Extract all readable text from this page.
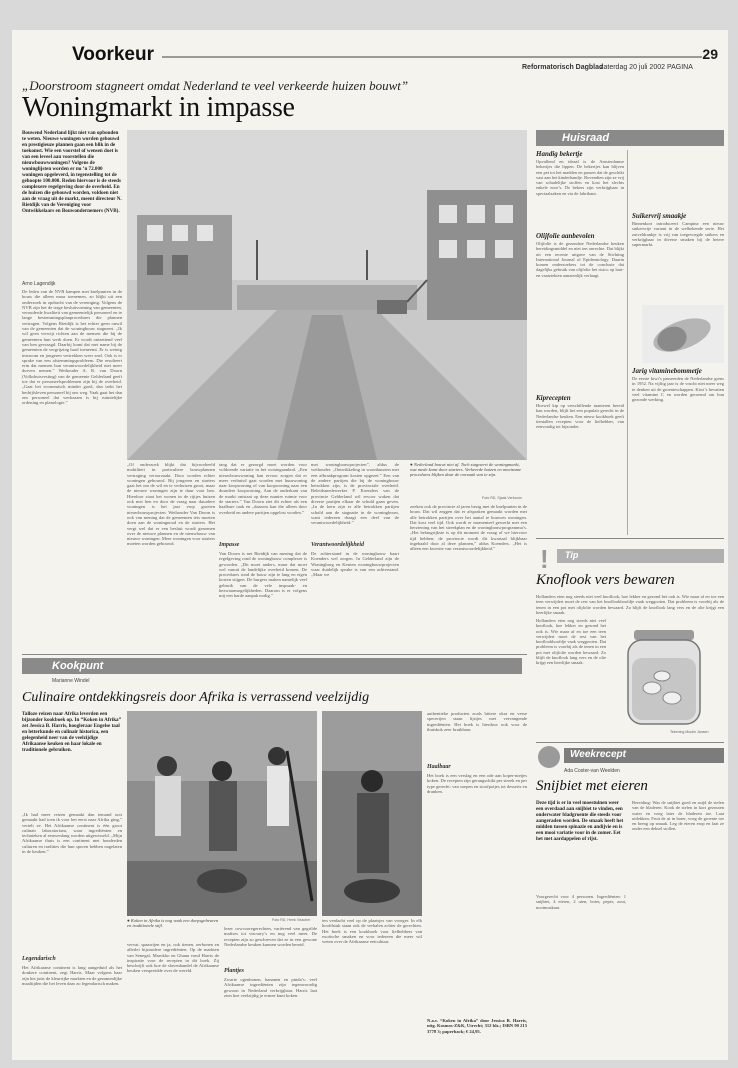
Voorkeur
Reformatorisch Dagblad
zaterdag 20 juli 2002 PAGINA
29
„Doorstroom stagneert omdat Nederland te veel verkeerde huizen bouwt”
Woningmarkt in impasse
Bouwend Nederland lijkt niet van opbouden te weten. Nieuwe woningen worden gebouwd en prestigieuze plannen gaan een blik in de toekomst. Wie een voorstel of wensen doet is van een leveel aan voorstellen die nieuwbouwwoningen? Volgens de woninglijsten worden er nu ’n 72.000 woningen opgeleverd, in tegenstelling tot de gehoopte 100.000. Reden hiervoor is de steeds complexere regelgeving door de overheid. En de huizen die gebouwd worden, voldoen niet aan de vraag uit de markt, meent directeur N. Rietdijk van de Vereniging voor Ontwikkelaars en Bouwondernemers (NVB).
Arno Lagendijk
De leden van de NVB kampen met knelpunten in de bouw die alleen maar toenemen, zo blijkt uit een onderzoek in opdracht van de vereniging. Volgens de NVB zijn het de trage besluitvorming van gemeenten, verouderde kwaliteit van gemeentelijk personeel en te lange bestemmingsplanprocedures die plannen vertragen. Volgens Rietdijk is het echter geen onwil van de gemeenten dat de woningbouw stagneert. „Ik wil geen verwijt richten aan de mensen die bij de gemeenten hun werk doen. Er wordt ontzettend veel van hen gevraagd. Daarbij komt dat met name bij de gemeenten de vergrijzing hard toeneemt. Er is weinig instroom en jongeren vertrekken weer snel. Ook is er sprake van een afstemmingsprobleem. Die resulteert erin dat mensen hun verantwoordelijkheid niet meer durven nemen.” Wethouder A. R. van Doorn (Volkshuisvesting) van de gemeente Gelderland geeft toe dat er personeelsproblemen zijn bij de overheid. „Gaat het economisch minder goed, dan trekt het bedrijfsleven personeel bij ons weg. Vaak gaat het dan om personeel dat werkzaam is bij ruimtelijke ordening en planologie.”
● Nederland bouwt niet af. Toch stagneert de woningmarkt, wat mede komt door starters. Verkeerde huizen en moeizame procedures blijken daar de oorzaak van te zijn.
Foto RD, Sjaak Verboom
„Of onderzoek blijkt dat bijvoorbeeld mobiliteit in particuliere bouwplannen vertraging veroorzaakt. Door worden echter woningen gebouwd. Bij jongeren en starters gaat het om de wil en te verhuizen groot, maar de nieuwe woningen zijn te duur voor hen. Hierdoor staat het wonen in de rijtjes huizen ook met hen en door de vraag naar duurdere woningen is het jaar erop groeien nieuwbouwprojecten. Wethouder Van Doorn is ook van mening dat de gemeenten iets moeten doen aan de woningnood en de starters. Het vergt wel dat er een besluit wordt genomen over de nieuwe plannen en de nieuwbouw van nieuwe woningen. Meer woningen voor starters moeten worden gebouwd.
tang dat er gezorgd moet worden voor voldoende variatie in het woningaanbod. „Een nieuwbouwwoning kan ervoor zorgen dat er meer verhuisd gaat worden met huurwoning naar koopwoning of van koopwoning naar een duurdere koopwoning. Aan de onderkant van de markt ontstaat op deze manier ruimte voor de starters.” Van Doorn ziet dit echter als een haalbare taak en „daarom kan die alleen door overheid en andere partijen opgelost worden.”
Impasse
Van Doorn is net Rietdijk van mening dat de regelgeving rond de woningbouw complexer is geworden. „Dit moet anders, maar dat moet wel vanuit de landelijke overheid komen. De procedures rond de bouw zijn te lang en eigen kosten stijgen. De burgers maken namelijk veel gebruik van de vele inspraak- en bezwaarmogelijkheden. Daarom is er volgens mij een harde aanpak nodig.”
met woningbouwprojecten”, aldus de wethouder. „Ontwikkeling in woonbuurten met een afbraakprogram kosten opgezet.” Een van de andere partijen die bij de woningbouw betrokken zijn, is de provinciale overheid. Beleidsmedewerker P. Koenders van de provincie Gelderland wil ervoor waken dat diverse partijen elkaar de schuld gaan geven. „In de kern zijn er alle betrokken partijen schuld aan de stagnatie in de woningbouw, want iedereen draagt een deel van de verantwoordelijkheid.”
Verantwoordelijkheid
De achterstand in de woningbouw baart Koenders wel zorgen. In Gelderland zijn de Woningborg en Kernen woningbouwprojecten waar duidelijk sprake is van een achterstand. „Maar we
zoeken ook de provincie al jaren bezig met de knelpunten in de bouw. Dat wil zeggen dat er afspraken gemaakt worden met alle betrokken partijen over het aantal te bouwen woningen. Dat kost veel tijd. Ook wordt er momenteel gewerkt met een herziening van het streekplan en de woningbouwprogramma’s. „Het belangrijkste is op dit moment de vraag of we hiervoor tijd hebben; de provincie wordt dit kwartaal blijkbaar ingehaald door al deze plannen,” aldus Koenders. „Het is alleen een kwestie van verantwoordelijkheid.”
Huisraad
Handig bekertje
Opvallend en ideaal is de Amsterdamse bekertjes die lippen. De bekertjes kan blijven een pet tot het madden en passen dat de geschikt vast aan het kinderhandje. Bovendien zijn ze vrij van schadelijke stoffen en kost het slechts enkele euro’s. De bekers zijn verkrijgbaar in speciaalzaken en via de fabrikant.
Olijfolie aanbevolen
Olijfolie is de gezondste Nederlandse keuken bereidingsmiddel en niet ten onrechte. Dat blijkt uit een recente uitgave van de Stichting International Journal of Epidemiology. Daarin komen onderzoekers tot de conclusie dat dagelijks gebruik van olijfolie het risico op hart- en vaatziekten aanzienlijk verlaagt.
Kiprecepten
Hoewel kip op verschillende manieren bereid kan worden, blijft het een populair gerecht in de Nederlandse keuken. Een nieuw kookboek geeft tientallen recepten voor de liefhebber, van eenvoudig tot bijzonder.
Suikervrij smaakje
Binnenkort introduceert Campina een nieuw suikervrije variant in de welbekende serie. Het zuiveldrankje is vrij van toegevoegde suikers en verkrijgbaar in diverse smaken bij de betere supermarkt.
Jarig vitaminebommetje
De eerste kiwi’s passeerden de Nederlandse grens in 1952. Na vijftig jaar is de vrucht niet meer weg te denken uit de groenteschappen. Kiwi’s bevatten veel vitamine C en worden geroemd om hun gezonde werking.
!	Tip
Knoflook vers bewaren
Hollanders eten nog steeds niet veel knoflook, hoe lekker en gezond het ook is. Wie maar af en toe een teen verwijdert moet de rest van het knoflookhoofdje vaak weggooien. Dat probleem is voorbij als de tenen in een pot met olijfolie worden bewaard. Zo blijft de knoflook lang vers en de olie krijgt een heerlijke smaak.
Hollanders eten nog steeds niet veel knoflook, hoe lekker en gezond het ook is. Wie maar af en toe een teen verwijdert moet de rest van het knoflookhoofdje vaak weggooien. Dat probleem is voorbij als de tenen in een pot met olijfolie worden bewaard. Zo blijft de knoflook lang vers en de olie krijgt een heerlijke smaak.
Tekening Moulin Jansen
Kookpunt
Marianne Windel
Culinaire ontdekkingsreis door Afrika is verrassend veelzijdig
Talloze reizen naar Afrika leverden een bijzonder kookboek op. In “Koken in Afrika” zet Jessica B. Harris, hoogleraar Engelse taal en letterkunde en culinair historica, een gelegenheid neer van de veelzijdige Afrikaanse keuken en haar lokale en traditionele gebruiken.
„Ik had meer reizen gemaakt dan iemand ooit gemaakt had toen ik voor het eerst naar Afrika ging,” vertelt ze. Het Afrikaanse continent is één groot culinair laboratorium, waar ingrediënten en technieken al eeuwenlang worden uitgewisseld. „Mijn Afrikaanse thuis is een continent met honderden culturen en tradities die hun sporen hebben nagelaten in de keuken.”
Legendarisch
Het Afrikaanse continent is lang aangeduid als het donkere continent, zegt Harris. Maar volgens haar zijn het juist de kleurrijke markten en de gezamenlijke maaltijden die het leven daar zo legendarisch maken.
● Koken in Afrika is nog vaak een dorpsgebeuren en traditionele stijl.
Foto RD, Henk Visscher
vervat, spaarrijen en ja, ook tienen, oerbonen en allerlei bijzondere ingrediënten. Op de markten van Senegal, Marokko en Ghana vond Harris de inspiratie voor de recepten in dit boek. Zij beschrijft ook hoe de slavenhandel de Afrikaanse keuken verspreidde over de wereld.
lezer cowcooregerechten, varièrend van gegrilde mafises tot viscurry’s en nog veel meer. De recepten zijn zo geschreven dat ze in een gewone Nederlandse keuken kunnen worden bereid.
Plantjes
Zwarte ogenbonen, bananen en pinda’s: veel Afrikaanse ingrediënten zijn tegenwoordig gewoon in Nederland verkrijgbaar. Harris laat zien hoe veelzijdig je ermee kunt koken.
ten verdacht veel op de plaatsjes van vroeger. In elk hoofdstuk staan ook de verhalen achter de gerechten. Het boek is een kookboek voor liefhebbers van exotische smaken en voor iedereen die meer wil weten over de Afrikaanse eetcultuur.
authentieke producten zoals bittere okra en verse specerijen staan lijstjes met vervangende ingrediënten. Het boek is hierdoor ook voor de thuiskok zeer bruikbaar.
Haalbaar
Het boek is een verslag en een ode aan koper-nietjes koken. De recepten zijn gerangschikt per streek en per type gerecht: van soepen en stoofpotjes tot desserts en dranken.
N.a.v. “Koken in Afrika” door Jessica B. Harris, uitg. Kosmos-Z&K, Utrecht; 312 blz.; ISBN 90 215 3778 3; paperback; € 24,95.
Weekrecept
Ada Coster-van Weelden
Snijbiet met eieren
Deze tijd is er in veel moestuinen weer een overdaad aan snijbiet te vinden, een onderwater bladgroente die steeds voor aangeraden worden. De smaak heeft het midden tussen spinazie en andijvie en is een mooi variatie voor in de zomer. Eet het met aardappelen of rijst.
Voorgerecht voor 4 personen. Ingrediënten: 1 snijbiet, 4 eieren, 2 uien, boter, peper, zout, nootmuskaat.
Bereiding: Was de snijbiet goed en snijd de stelen van de bladeren. Kook de stelen in kort gezouten water en voeg later de bladeren toe. Laat uitlekken. Fruit de ui in boter, voeg de groente toe en breng op smaak. Leg de eieren erop en laat ze onder een deksel stollen.
